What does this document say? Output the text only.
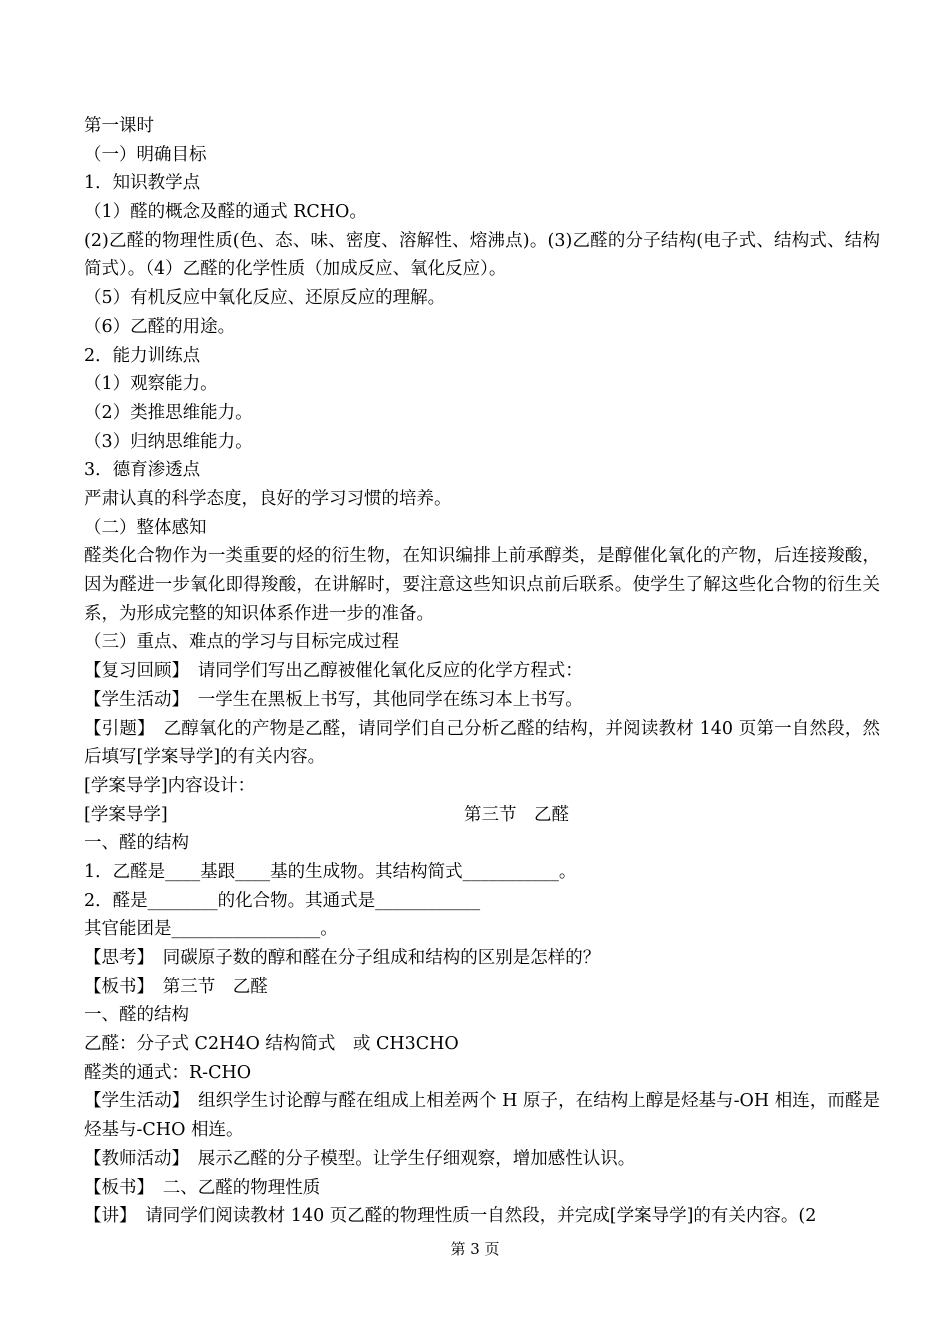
第一课时
（一）明确目标
1．知识教学点
（1）醛的概念及醛的通式 RCHO。
(2)乙醛的物理性质(色、态、味、密度、溶解性、熔沸点)。(3)乙醛的分子结构(电子式、结构式、结构简式）。（4）乙醛的化学性质（加成反应、氧化反应）。
（5）有机反应中氧化反应、还原反应的理解。
（6）乙醛的用途。
2．能力训练点
（1）观察能力。
（2）类推思维能力。
（3）归纳思维能力。
3．德育渗透点
严肃认真的科学态度，良好的学习习惯的培养。
（二）整体感知
醛类化合物作为一类重要的烃的衍生物，在知识编排上前承醇类，是醇催化氧化的产物，后连接羧酸，因为醛进一步氧化即得羧酸，在讲解时，要注意这些知识点前后联系。使学生了解这些化合物的衍生关系，为形成完整的知识体系作进一步的准备。
（三）重点、难点的学习与目标完成过程
【复习回顾】　请同学们写出乙醇被催化氧化反应的化学方程式：
【学生活动】　一学生在黑板上书写，其他同学在练习本上书写。
【引题】　乙醇氧化的产物是乙醛，请同学们自己分析乙醛的结构，并阅读教材 140 页第一自然段，然后填写[学案导学]的有关内容。
[学案导学]内容设计：
[学案导学]	第三节　乙醛
一、醛的结构
1．乙醛是____基跟____基的生成物。其结构简式___________。
2．醛是________的化合物。其通式是____________
其官能团是_________________。
【思考】　同碳原子数的醇和醛在分子组成和结构的区别是怎样的？
【板书】　第三节　乙醛
一、醛的结构
乙醛：分子式 C2H4O 结构简式　或 CH3CHO
醛类的通式：R-CHO
【学生活动】　组织学生讨论醇与醛在组成上相差两个 H 原子，在结构上醇是烃基与-OH 相连，而醛是烃基与-CHO 相连。
【教师活动】　展示乙醛的分子模型。让学生仔细观察，增加感性认识。
【板书】　二、乙醛的物理性质
【讲】　请同学们阅读教材 140 页乙醛的物理性质一自然段，并完成[学案导学]的有关内容。(2
第 3 页
